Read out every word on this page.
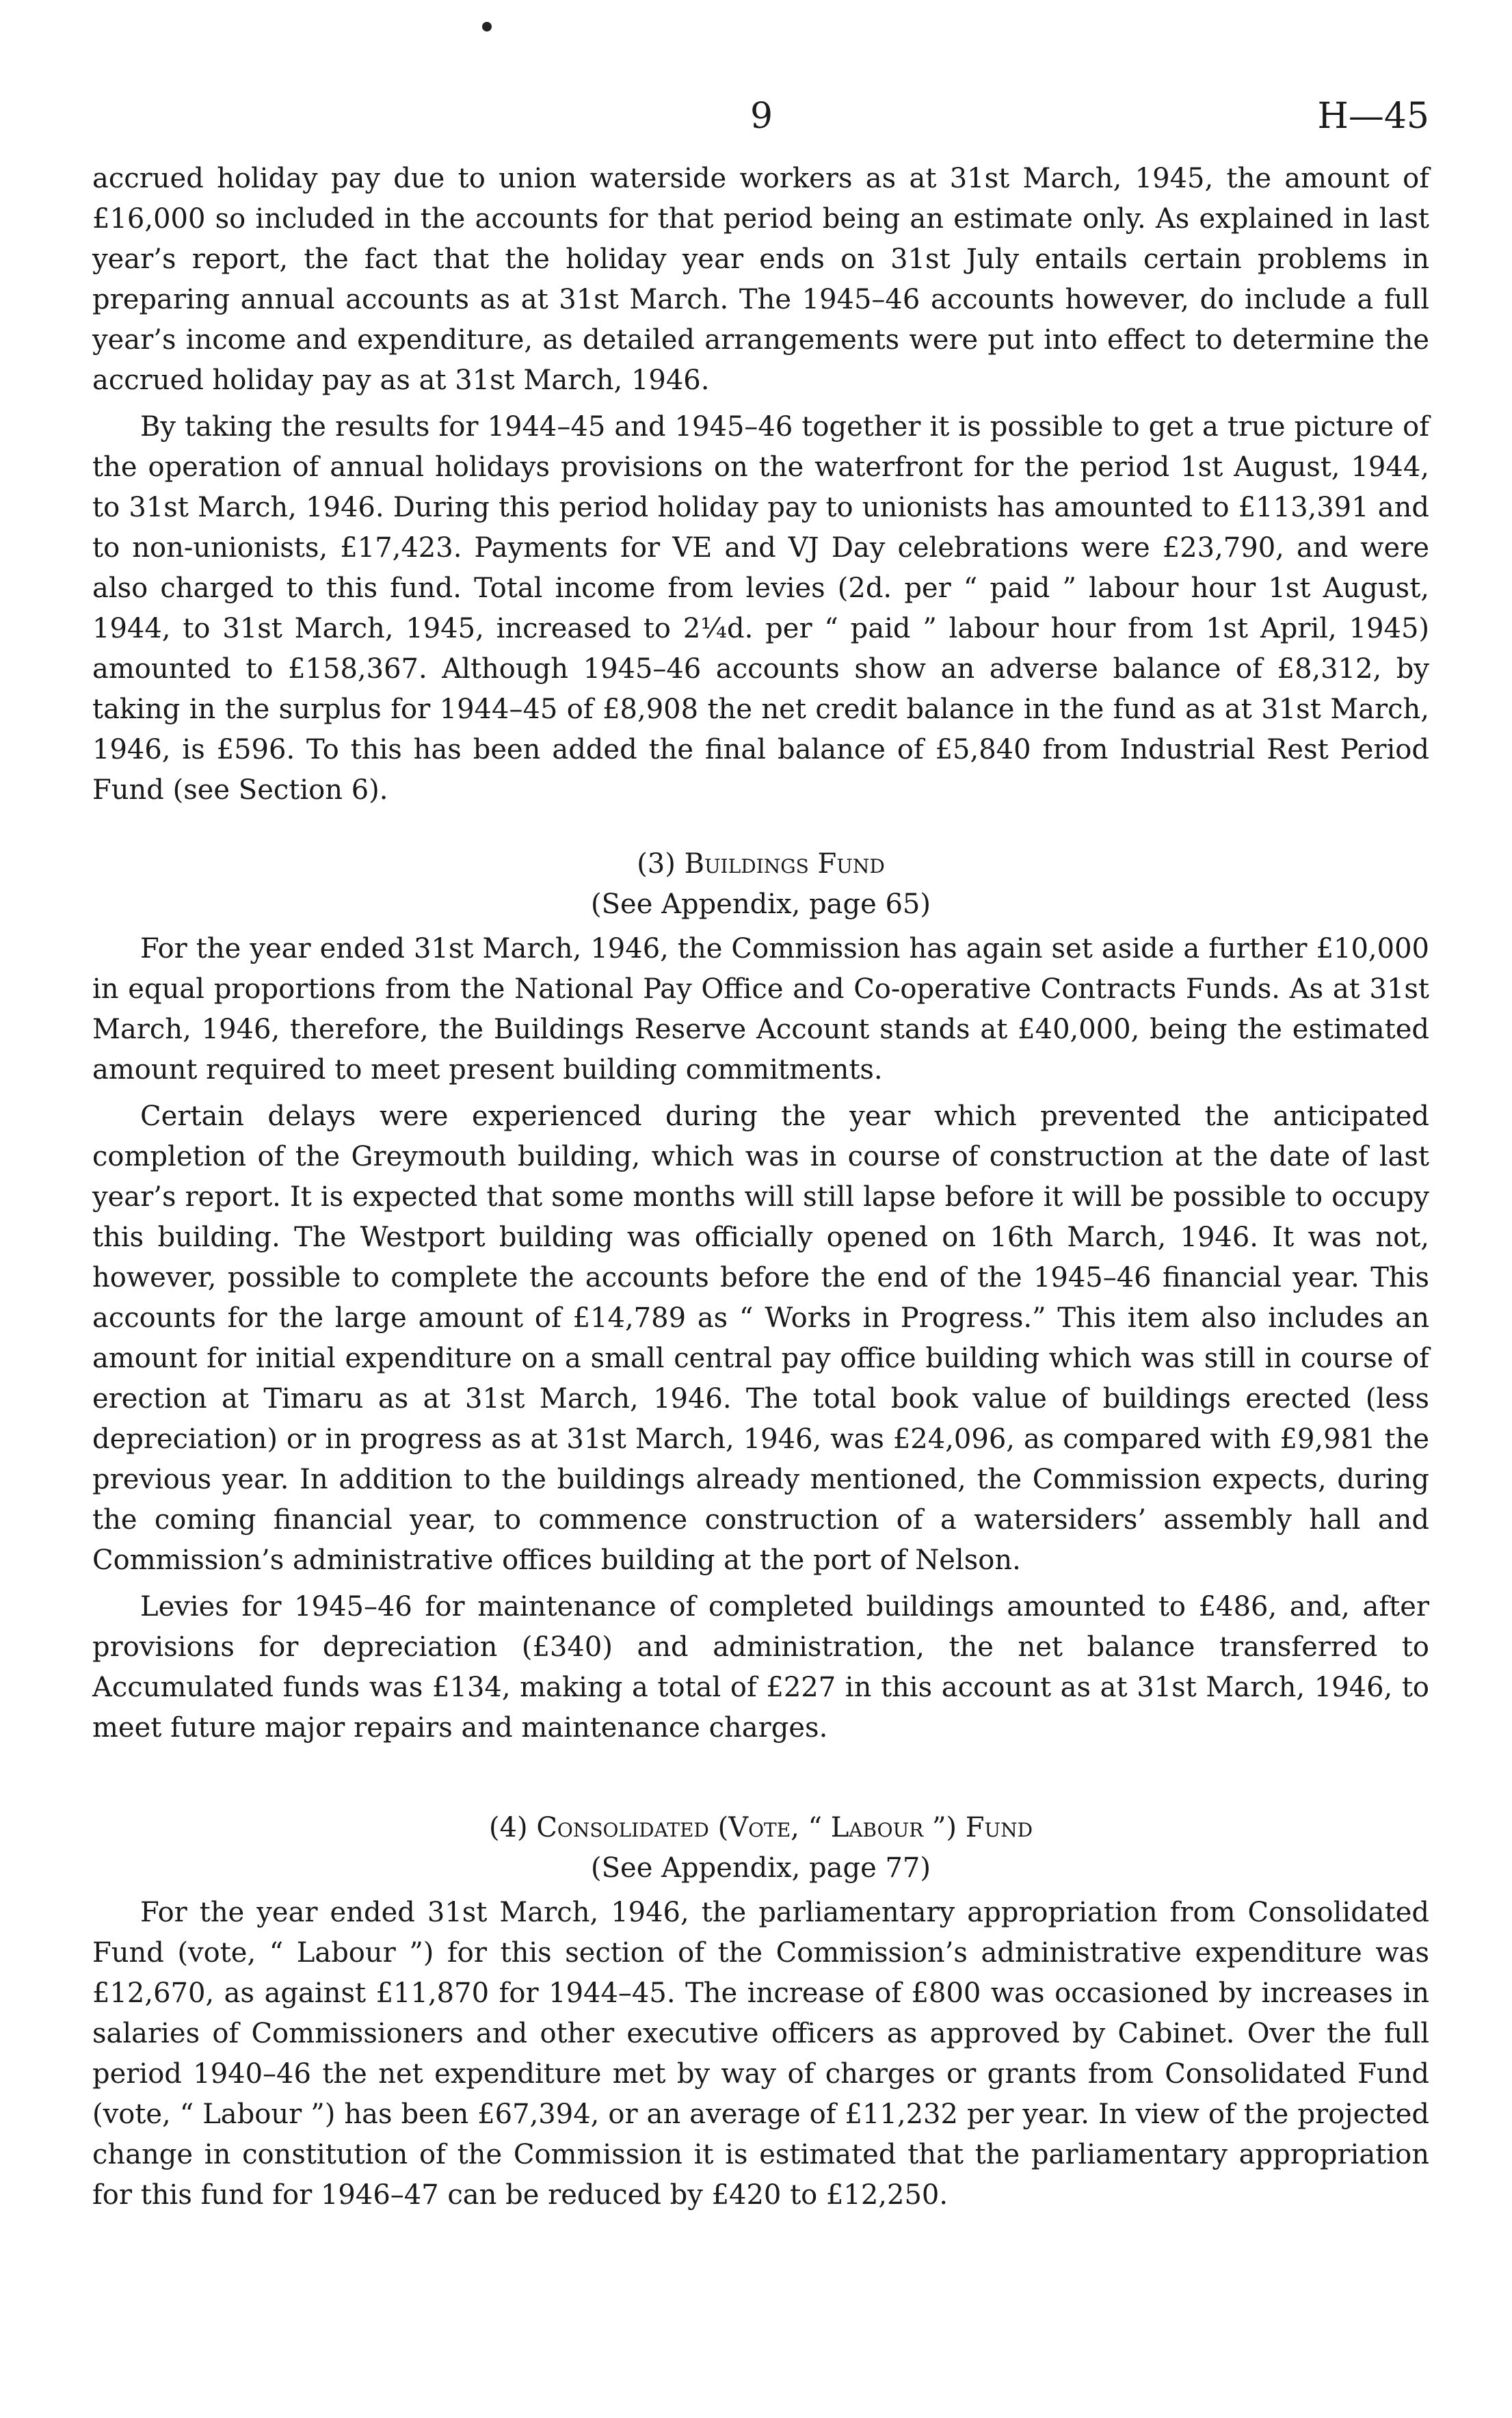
9	H—45

accrued holiday pay due to union waterside workers as at 31st March, 1945, the amount of £16,000 so included in the accounts for that period being an estimate only. As explained in last year’s report, the fact that the holiday year ends on 31st July entails certain problems in preparing annual accounts as at 31st March. The 1945–46 accounts however, do include a full year’s income and expenditure, as detailed arrangements were put into effect to determine the accrued holiday pay as at 31st March, 1946.

By taking the results for 1944–45 and 1945–46 together it is possible to get a true picture of the operation of annual holidays provisions on the waterfront for the period 1st August, 1944, to 31st March, 1946. During this period holiday pay to unionists has amounted to £113,391 and to non-unionists, £17,423. Payments for VE and VJ Day celebrations were £23,790, and were also charged to this fund. Total income from levies (2d. per “ paid ” labour hour 1st August, 1944, to 31st March, 1945, increased to 2¼d. per “ paid ” labour hour from 1st April, 1945) amounted to £158,367. Although 1945–46 accounts show an adverse balance of £8,312, by taking in the surplus for 1944–45 of £8,908 the net credit balance in the fund as at 31st March, 1946, is £596. To this has been added the final balance of £5,840 from Industrial Rest Period Fund (see Section 6).

(3) Buildings Fund
(See Appendix, page 65)

For the year ended 31st March, 1946, the Commission has again set aside a further £10,000 in equal proportions from the National Pay Office and Co-operative Contracts Funds. As at 31st March, 1946, therefore, the Buildings Reserve Account stands at £40,000, being the estimated amount required to meet present building commitments.

Certain delays were experienced during the year which prevented the anticipated completion of the Greymouth building, which was in course of construction at the date of last year’s report. It is expected that some months will still lapse before it will be possible to occupy this building. The Westport building was officially opened on 16th March, 1946. It was not, however, possible to complete the accounts before the end of the 1945–46 financial year. This accounts for the large amount of £14,789 as “ Works in Progress.” This item also includes an amount for initial expenditure on a small central pay office building which was still in course of erection at Timaru as at 31st March, 1946. The total book value of buildings erected (less depreciation) or in progress as at 31st March, 1946, was £24,096, as compared with £9,981 the previous year. In addition to the buildings already mentioned, the Commission expects, during the coming financial year, to commence construction of a watersiders’ assembly hall and Commission’s administrative offices building at the port of Nelson.

Levies for 1945–46 for maintenance of completed buildings amounted to £486, and, after provisions for depreciation (£340) and administration, the net balance transferred to Accumulated funds was £134, making a total of £227 in this account as at 31st March, 1946, to meet future major repairs and maintenance charges.

(4) Consolidated (Vote, “ Labour ”) Fund
(See Appendix, page 77)

For the year ended 31st March, 1946, the parliamentary appropriation from Consolidated Fund (vote, “ Labour ”) for this section of the Commission’s administrative expenditure was £12,670, as against £11,870 for 1944–45. The increase of £800 was occasioned by increases in salaries of Commissioners and other executive officers as approved by Cabinet. Over the full period 1940–46 the net expenditure met by way of charges or grants from Consolidated Fund (vote, “ Labour ”) has been £67,394, or an average of £11,232 per year. In view of the projected change in constitution of the Commission it is estimated that the parliamentary appropriation for this fund for 1946–47 can be reduced by £420 to £12,250.
